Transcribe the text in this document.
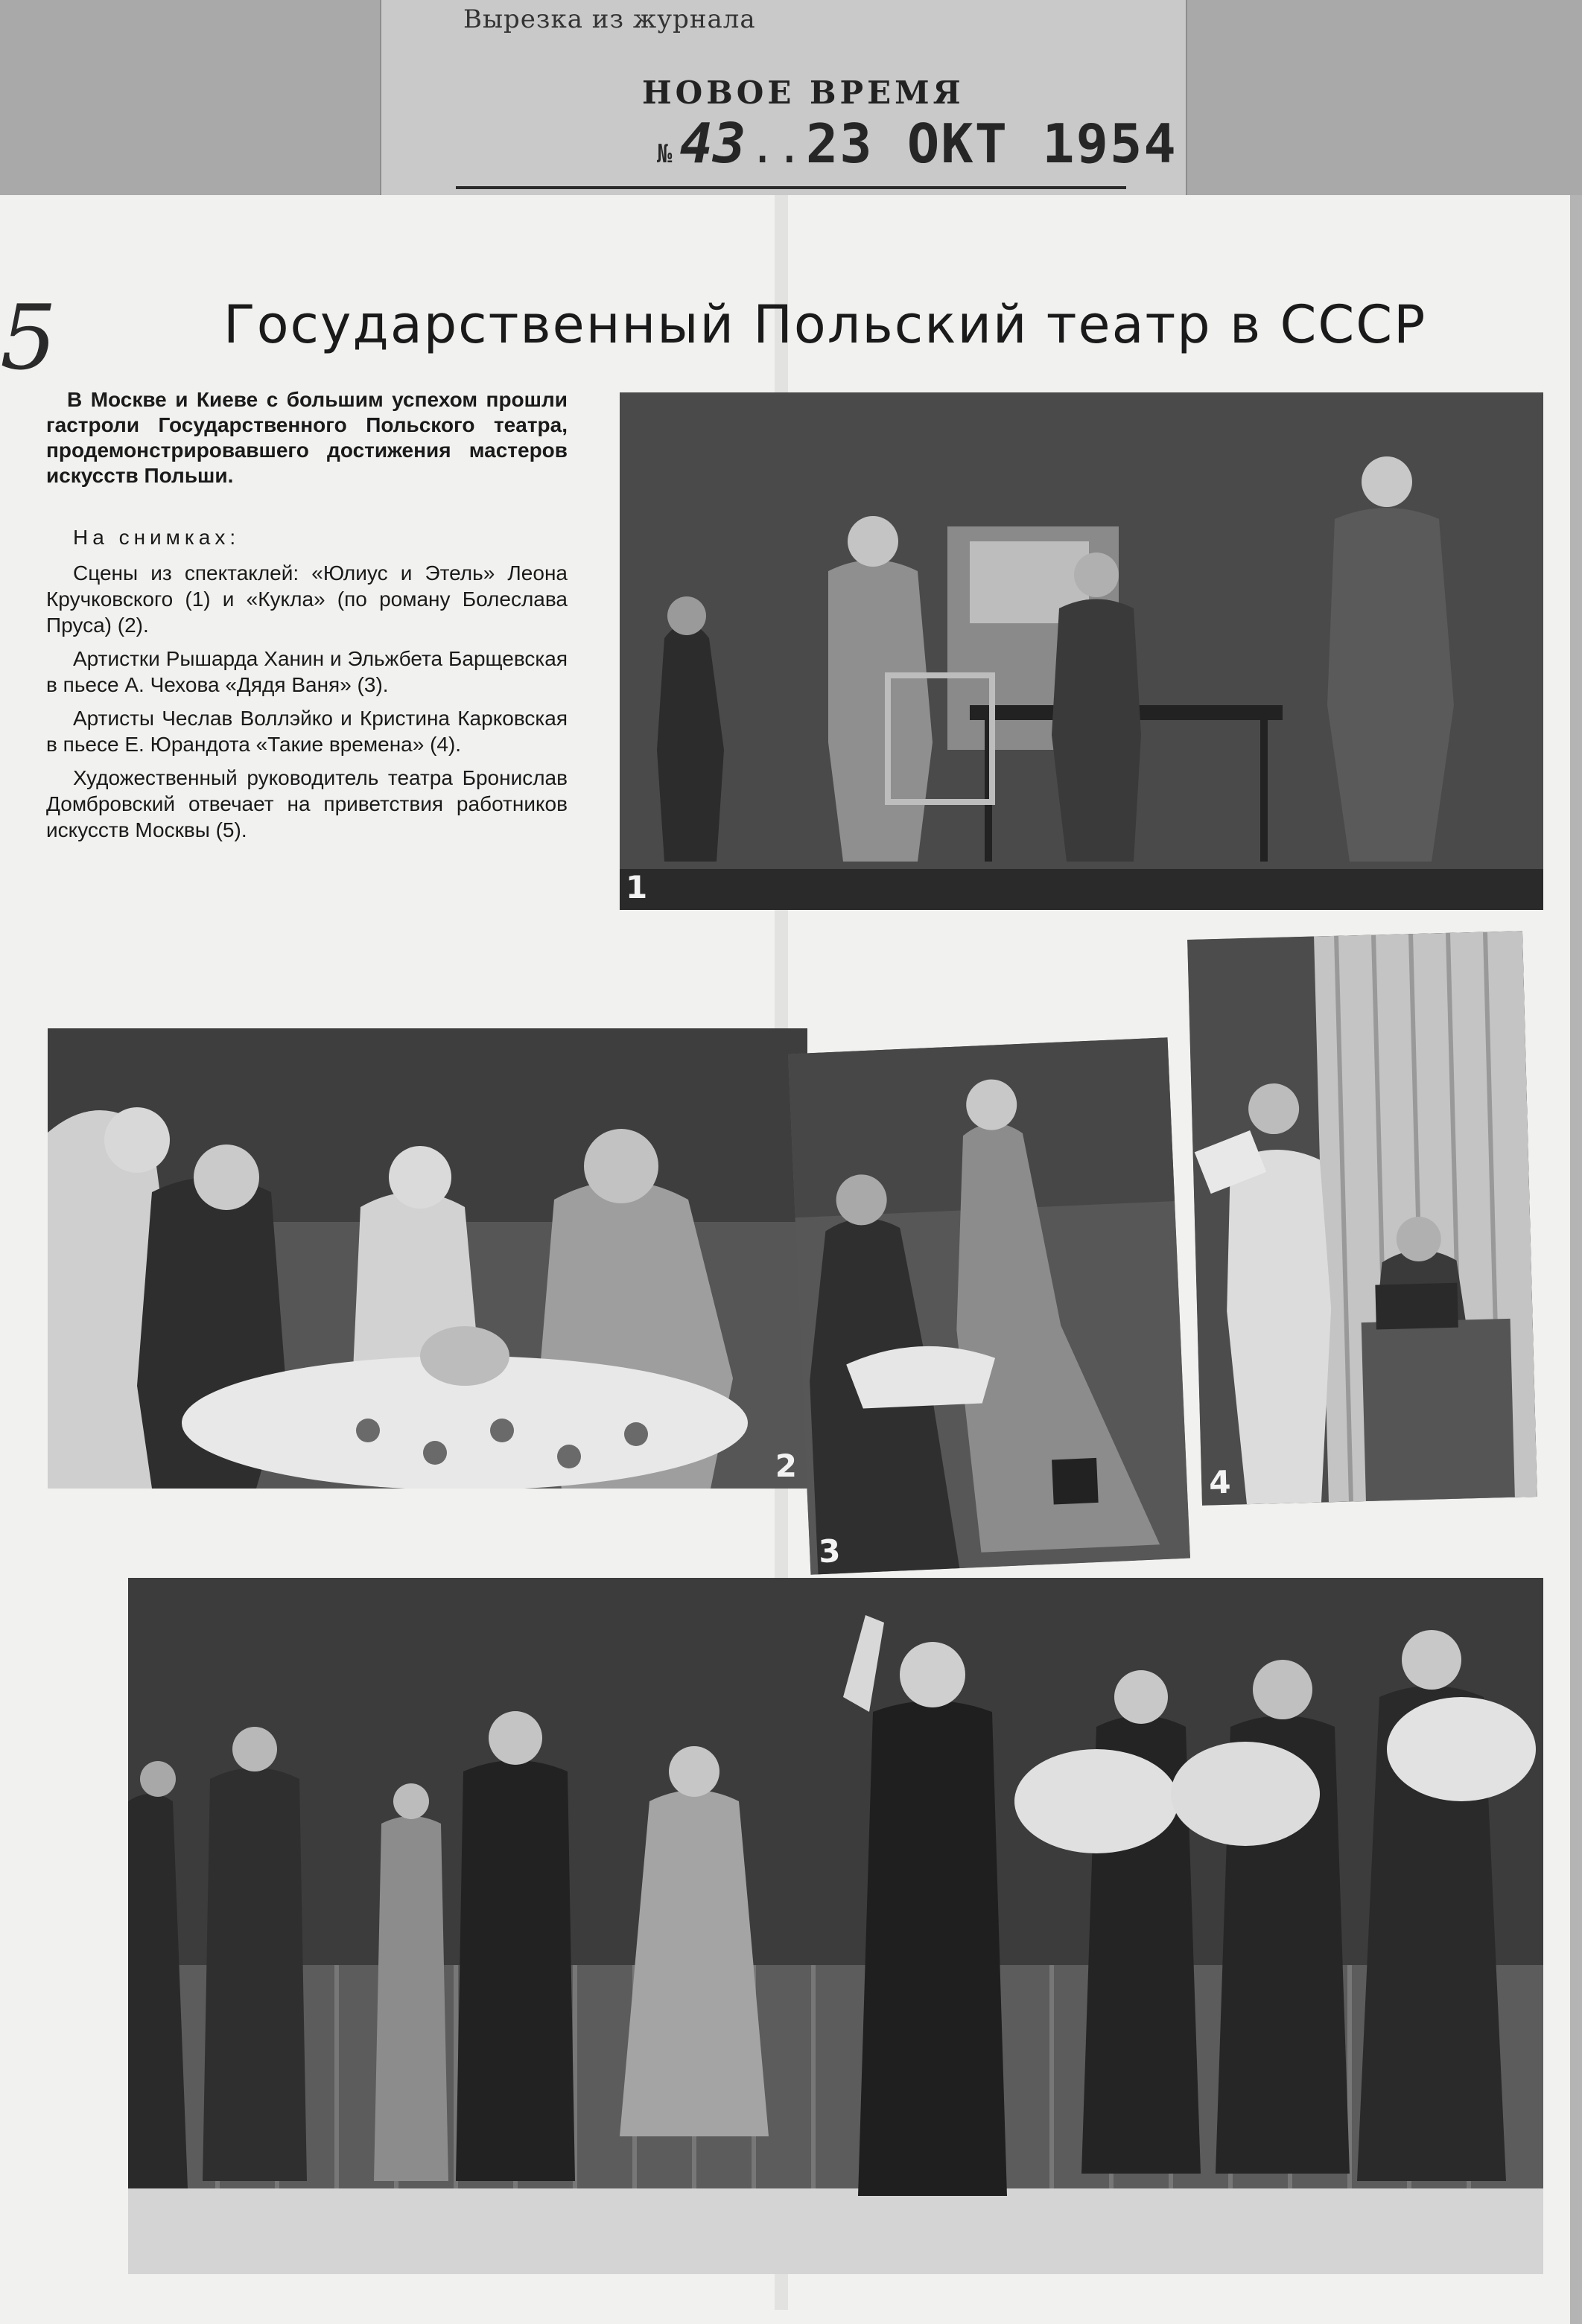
Вырезка из журнала
НОВОЕ ВРЕМЯ
№ 43..23 ОКТ 1954
5	Государственный Польский театр в СССР

В Москве и Киеве с большим успехом прошли гастроли Государственного Польского театра, продемонстрировавшего достижения мастеров искусств Польши.

На снимках:

Сцены из спектаклей: «Юлиус и Этель» Леона Кручковского (1) и «Кукла» (по роману Болеслава Пруса) (2).

Артистки Рышарда Ханин и Эльжбета Барщевская в пьесе А. Чехова «Дядя Ваня» (3).

Артисты Чеслав Воллэйко и Кристина Карковская в пьесе Е. Юрандота «Такие времена» (4).

Художественный руководитель театра Бронислав Домбровский отвечает на приветствия работников искусств Москвы (5).

1
2
3
4
